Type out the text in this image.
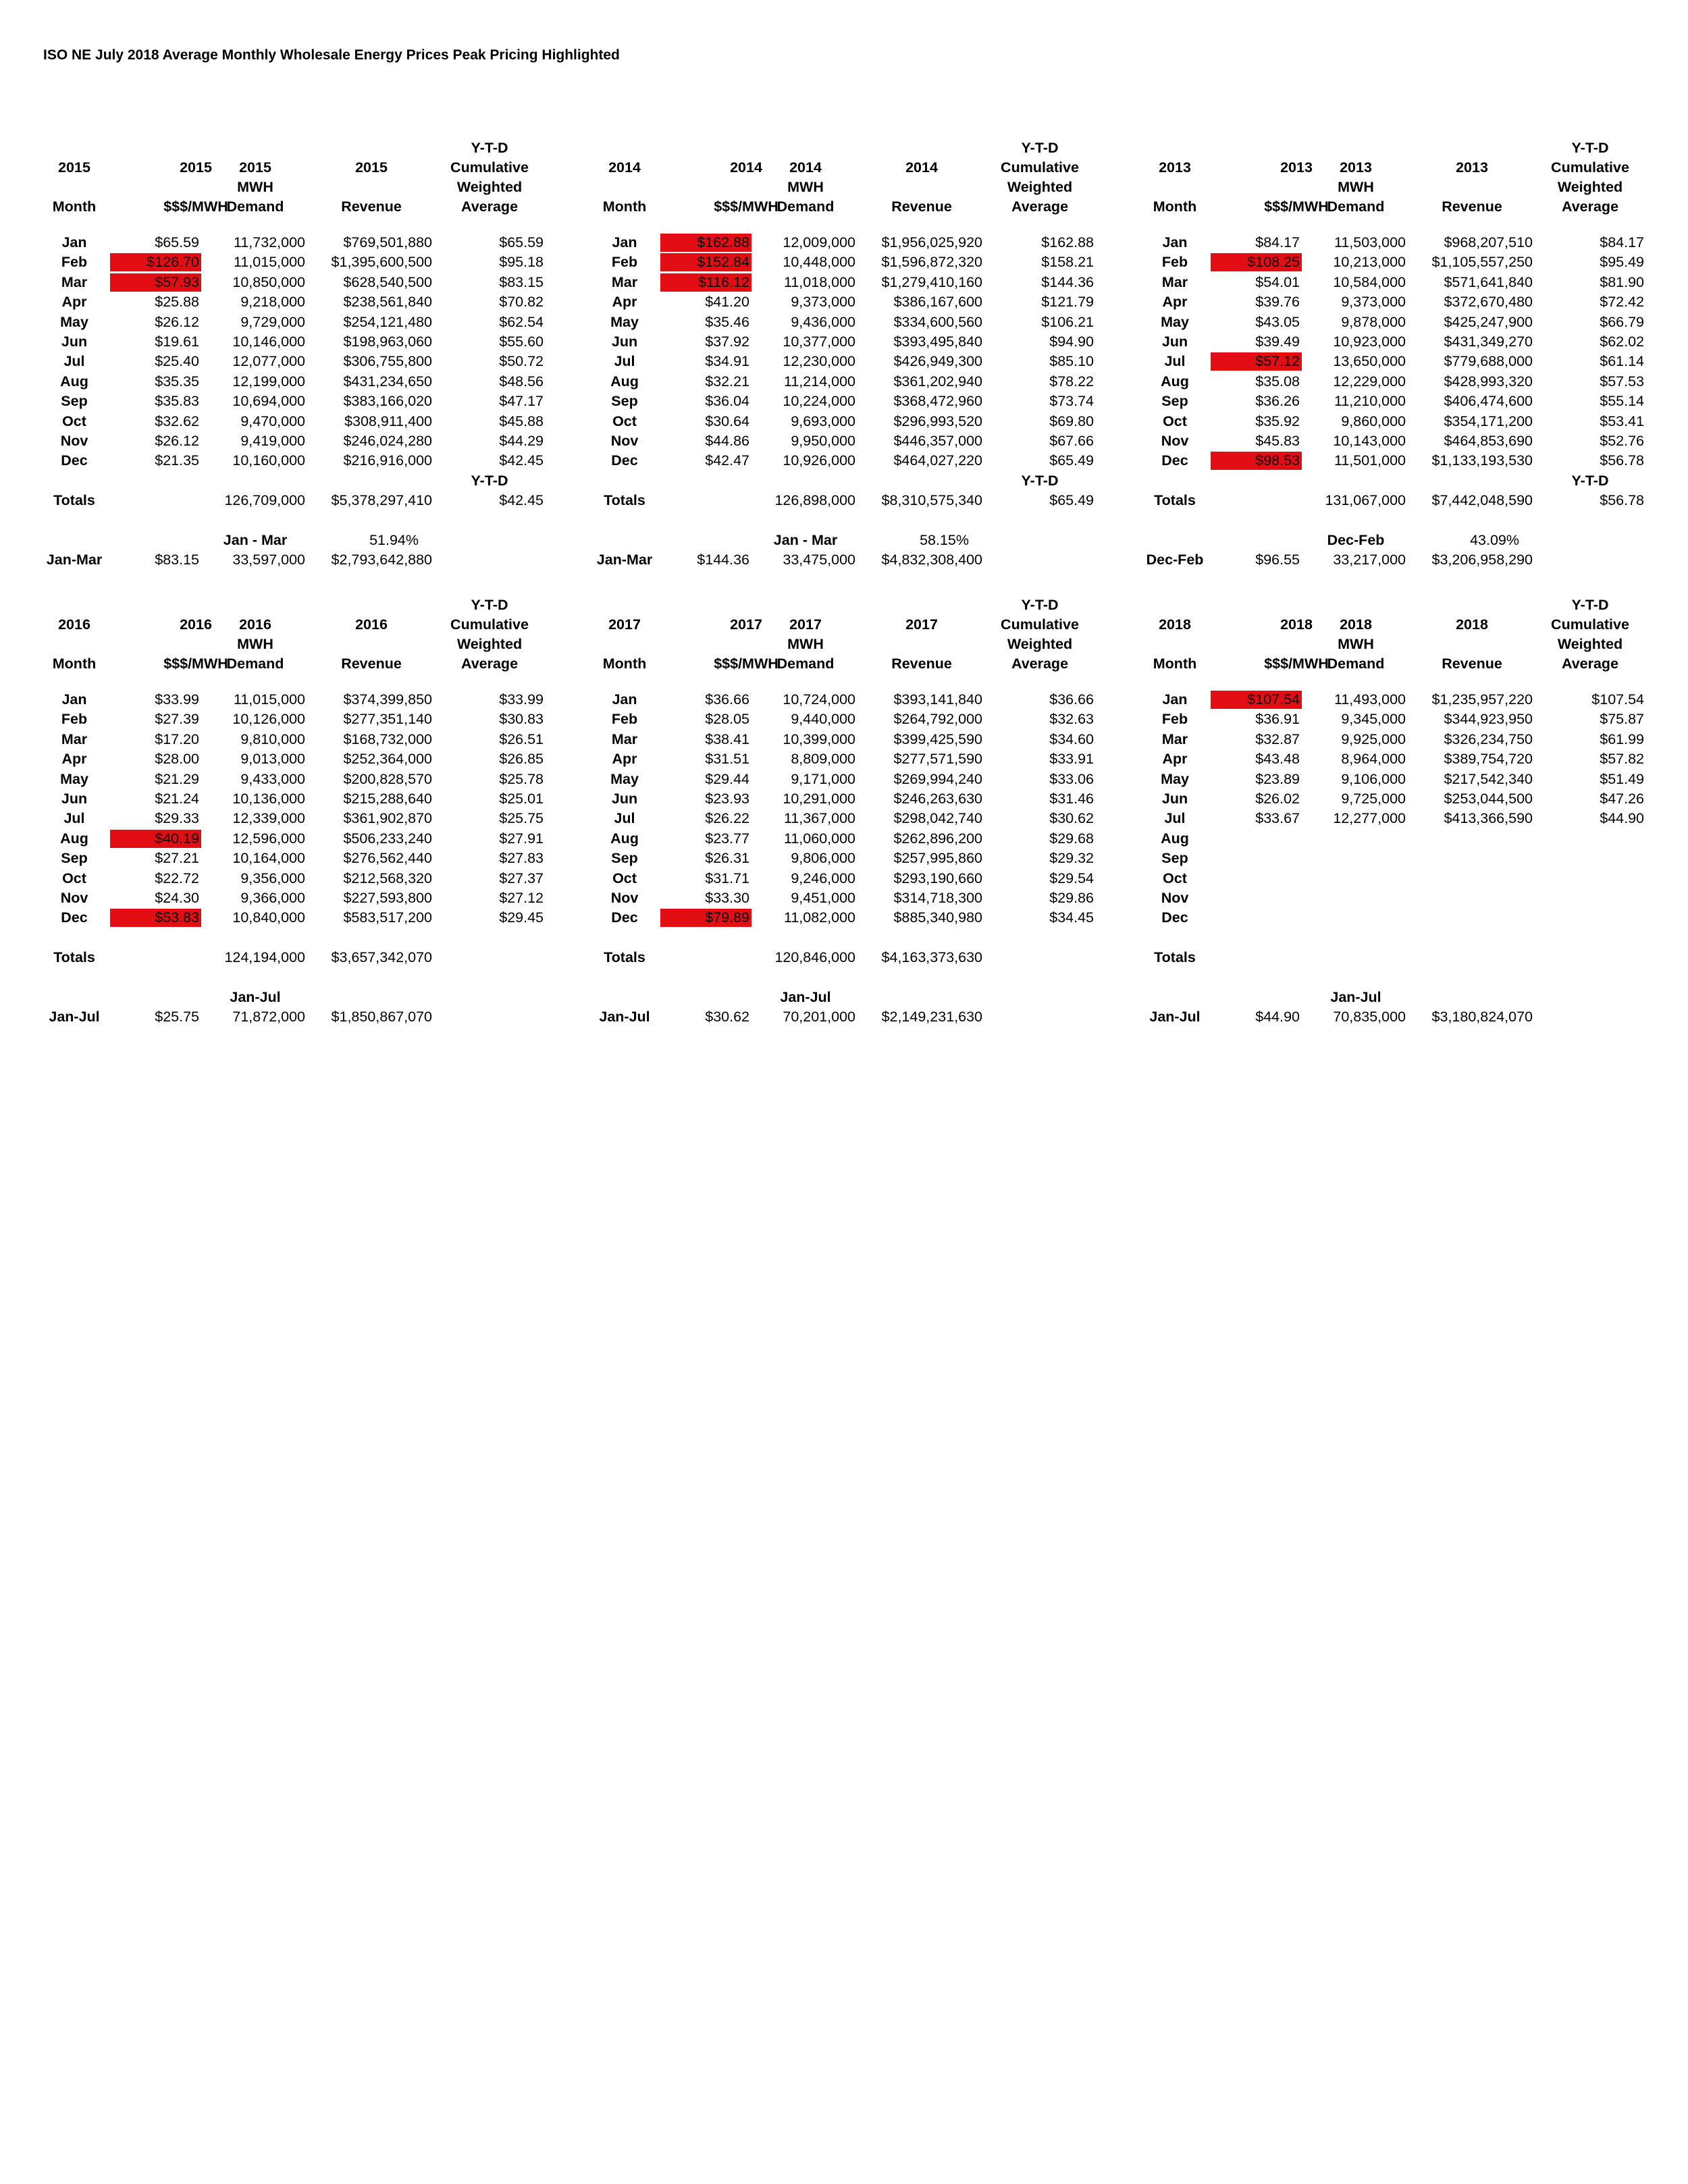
ISO NE July 2018 Average Monthly Wholesale Energy Prices Peak Pricing Highlighted
Y-T-D
2015	2015 2015	2015	Cumulative
MWH	Weighted
Month	$$$/MWH
Demand	Revenue	Average
Jan	$65.59 11,732,000	$769,501,880	$65.59
Feb	$126.70 11,015,000 $1,395,600,500	$95.18
Mar	$57.93 10,850,000	$628,540,500	$83.15
Apr	$25.88	9,218,000	$238,561,840	$70.82
May	$26.12	9,729,000	$254,121,480	$62.54
Jun	$19.61 10,146,000	$198,963,060	$55.60
Jul	$25.40 12,077,000	$306,755,800	$50.72
Aug	$35.35 12,199,000	$431,234,650	$48.56
Sep	$35.83 10,694,000	$383,166,020	$47.17
Oct	$32.62	9,470,000	$308,911,400	$45.88
Nov	$26.12	9,419,000	$246,024,280	$44.29
Dec	$21.35 10,160,000	$216,916,000	$42.45
Y-T-D
Totals	126,709,000 $5,378,297,410	$42.45
Jan - Mar	51.94%
Jan-Mar	$83.15 33,597,000 $2,793,642,880
Y-T-D
2014	2014 2014	2014	Cumulative
MWH	Weighted
Month	$$$/MWH
Demand	Revenue	Average
Jan	$162.88 12,009,000 $1,956,025,920	$162.88
Feb	$152.84 10,448,000 $1,596,872,320	$158.21
Mar	$116.12 11,018,000 $1,279,410,160	$144.36
Apr	$41.20	9,373,000	$386,167,600	$121.79
May	$35.46	9,436,000	$334,600,560	$106.21
Jun	$37.92 10,377,000	$393,495,840	$94.90
Jul	$34.91 12,230,000	$426,949,300	$85.10
Aug	$32.21 11,214,000	$361,202,940	$78.22
Sep	$36.04 10,224,000	$368,472,960	$73.74
Oct	$30.64	9,693,000	$296,993,520	$69.80
Nov	$44.86	9,950,000	$446,357,000	$67.66
Dec	$42.47 10,926,000	$464,027,220	$65.49
Y-T-D
Totals	126,898,000 $8,310,575,340	$65.49
Jan - Mar	58.15%
Jan-Mar	$144.36 33,475,000 $4,832,308,400
Y-T-D
2013	2013 2013	2013	Cumulative
MWH	Weighted
Month	$$$/MWH
Demand	Revenue	Average
Jan	$84.17 11,503,000	$968,207,510	$84.17
Feb	$108.25 10,213,000 $1,105,557,250	$95.49
Mar	$54.01 10,584,000	$571,641,840	$81.90
Apr	$39.76	9,373,000	$372,670,480	$72.42
May	$43.05	9,878,000	$425,247,900	$66.79
Jun	$39.49 10,923,000	$431,349,270	$62.02
Jul	$57.12 13,650,000	$779,688,000	$61.14
Aug	$35.08 12,229,000	$428,993,320	$57.53
Sep	$36.26 11,210,000	$406,474,600	$55.14
Oct	$35.92	9,860,000	$354,171,200	$53.41
Nov	$45.83 10,143,000	$464,853,690	$52.76
Dec	$98.53 11,501,000 $1,133,193,530	$56.78
Y-T-D
Totals	131,067,000 $7,442,048,590	$56.78
Dec-Feb	43.09%
Dec-Feb	$96.55 33,217,000 $3,206,958,290
Y-T-D
2016	2016 2016	2016	Cumulative
MWH	Weighted
Month	$$$/MWH
Demand	Revenue	Average
Jan	$33.99 11,015,000	$374,399,850	$33.99
Feb	$27.39 10,126,000	$277,351,140	$30.83
Mar	$17.20	9,810,000	$168,732,000	$26.51
Apr	$28.00	9,013,000	$252,364,000	$26.85
May	$21.29	9,433,000	$200,828,570	$25.78
Jun	$21.24 10,136,000	$215,288,640	$25.01
Jul	$29.33 12,339,000	$361,902,870	$25.75
Aug	$40.19 12,596,000	$506,233,240	$27.91
Sep	$27.21 10,164,000	$276,562,440	$27.83
Oct	$22.72	9,356,000	$212,568,320	$27.37
Nov	$24.30	9,366,000	$227,593,800	$27.12
Dec	$53.83 10,840,000	$583,517,200	$29.45
Totals	124,194,000 $3,657,342,070
Jan-Jul
Jan-Jul	$25.75 71,872,000 $1,850,867,070
Y-T-D
2017	2017 2017	2017	Cumulative
MWH	Weighted
Month	$$$/MWH
Demand	Revenue	Average
Jan	$36.66 10,724,000	$393,141,840	$36.66
Feb	$28.05	9,440,000	$264,792,000	$32.63
Mar	$38.41 10,399,000	$399,425,590	$34.60
Apr	$31.51	8,809,000	$277,571,590	$33.91
May	$29.44	9,171,000	$269,994,240	$33.06
Jun	$23.93 10,291,000	$246,263,630	$31.46
Jul	$26.22 11,367,000	$298,042,740	$30.62
Aug	$23.77 11,060,000	$262,896,200	$29.68
Sep	$26.31	9,806,000	$257,995,860	$29.32
Oct	$31.71	9,246,000	$293,190,660	$29.54
Nov	$33.30	9,451,000	$314,718,300	$29.86
Dec	$79.89 11,082,000	$885,340,980	$34.45
Totals	120,846,000 $4,163,373,630
Jan-Jul
Jan-Jul	$30.62 70,201,000 $2,149,231,630
Y-T-D
2018	2018 2018	2018	Cumulative
MWH	Weighted
Month	$$$/MWH
Demand	Revenue	Average
Jan	$107.54 11,493,000 $1,235,957,220	$107.54
Feb	$36.91	9,345,000	$344,923,950	$75.87
Mar	$32.87	9,925,000	$326,234,750	$61.99
Apr	$43.48	8,964,000	$389,754,720	$57.82
May	$23.89	9,106,000	$217,542,340	$51.49
Jun	$26.02	9,725,000	$253,044,500	$47.26
Jul	$33.67 12,277,000	$413,366,590	$44.90
Aug
Sep
Oct
Nov
Dec
Totals
Jan-Jul
Jan-Jul	$44.90 70,835,000 $3,180,824,070
